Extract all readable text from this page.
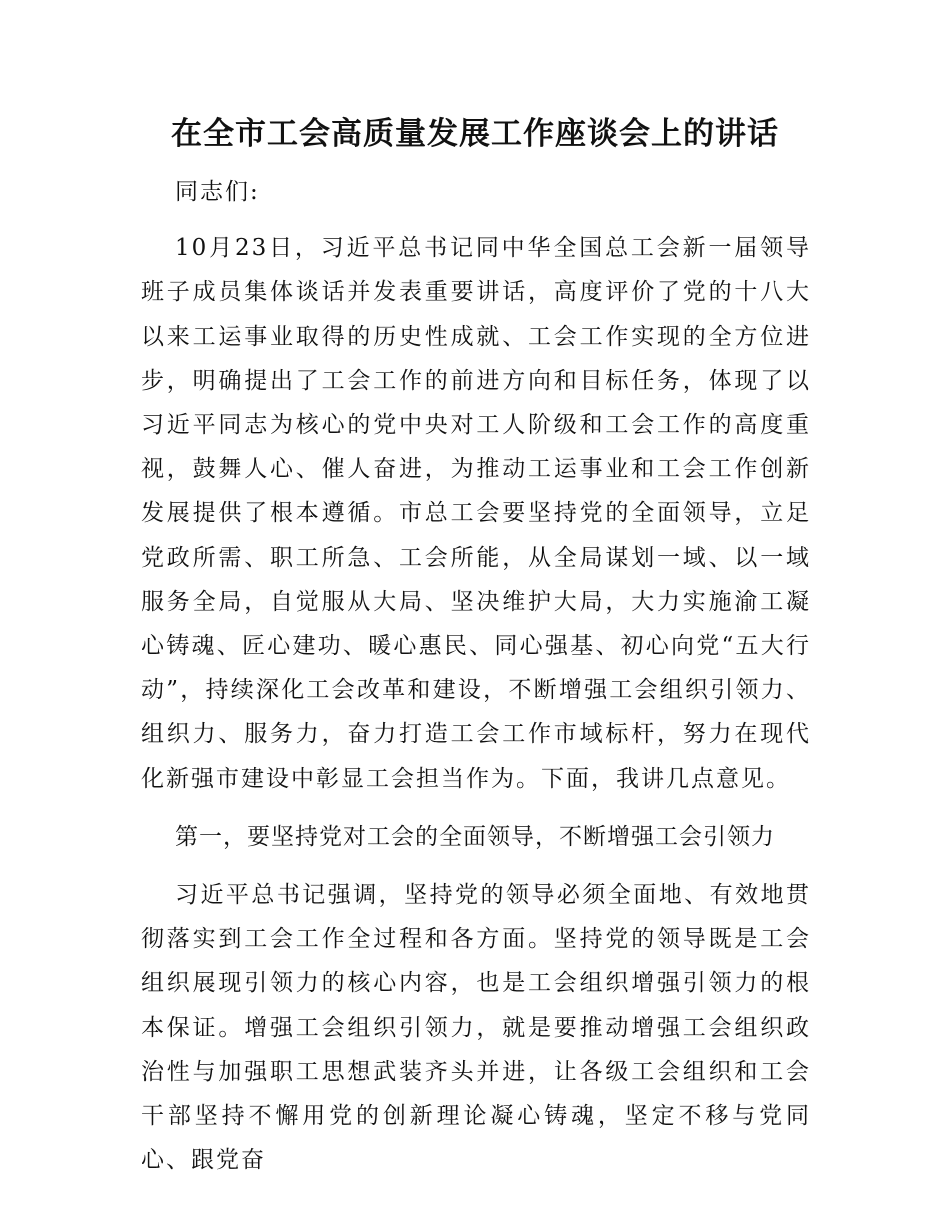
在全市工会高质量发展工作座谈会上的讲话

同志们:

10月23日，习近平总书记同中华全国总工会新一届领导班子成员集体谈话并发表重要讲话，高度评价了党的十八大以来工运事业取得的历史性成就、工会工作实现的全方位进步，明确提出了工会工作的前进方向和目标任务，体现了以习近平同志为核心的党中央对工人阶级和工会工作的高度重视，鼓舞人心、催人奋进，为推动工运事业和工会工作创新发展提供了根本遵循。市总工会要坚持党的全面领导，立足党政所需、职工所急、工会所能，从全局谋划一域、以一域服务全局，自觉服从大局、坚决维护大局，大力实施渝工凝心铸魂、匠心建功、暖心惠民、同心强基、初心向党“五大行动”，持续深化工会改革和建设，不断增强工会组织引领力、组织力、服务力，奋力打造工会工作市域标杆，努力在现代化新强市建设中彰显工会担当作为。下面，我讲几点意见。

第一，要坚持党对工会的全面领导，不断增强工会引领力

习近平总书记强调，坚持党的领导必须全面地、有效地贯彻落实到工会工作全过程和各方面。坚持党的领导既是工会组织展现引领力的核心内容，也是工会组织增强引领力的根本保证。增强工会组织引领力，就是要推动增强工会组织政治性与加强职工思想武装齐头并进，让各级工会组织和工会干部坚持不懈用党的创新理论凝心铸魂，坚定不移与党同心、跟党奋
